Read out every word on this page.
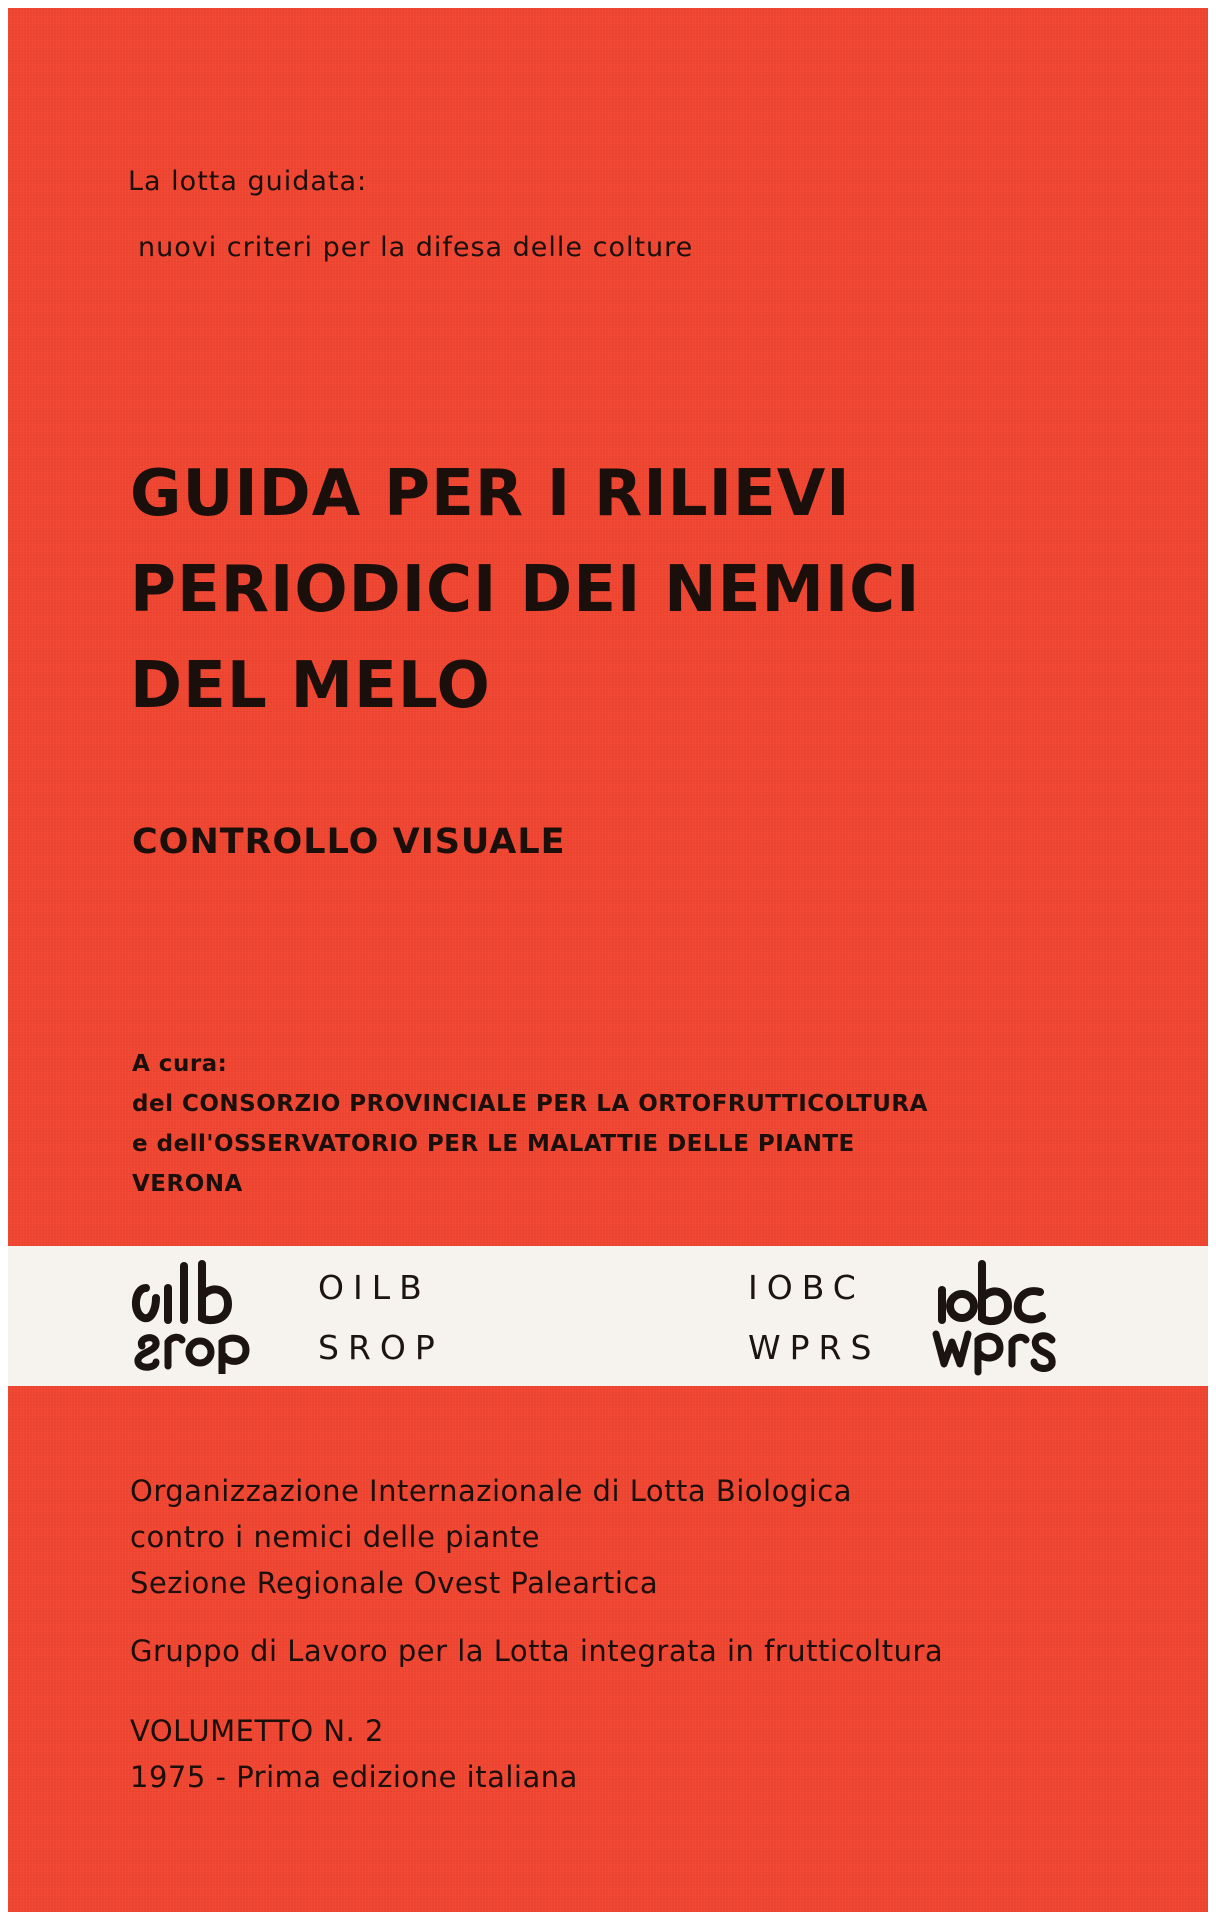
La lotta guidata:
nuovi criteri per la difesa delle colture
GUIDA PER I RILIEVI
PERIODICI DEI NEMICI
DEL MELO
CONTROLLO VISUALE
A cura:
del CONSORZIO PROVINCIALE PER LA ORTOFRUTTICOLTURA
e dell'OSSERVATORIO PER LE MALATTIE DELLE PIANTE
VERONA
OILB
SROP
IOBC
WPRS
Organizzazione Internazionale di Lotta Biologica
contro i nemici delle piante
Sezione Regionale Ovest Paleartica
Gruppo di Lavoro per la Lotta integrata in frutticoltura
VOLUMETTO N. 2
1975 - Prima edizione italiana
